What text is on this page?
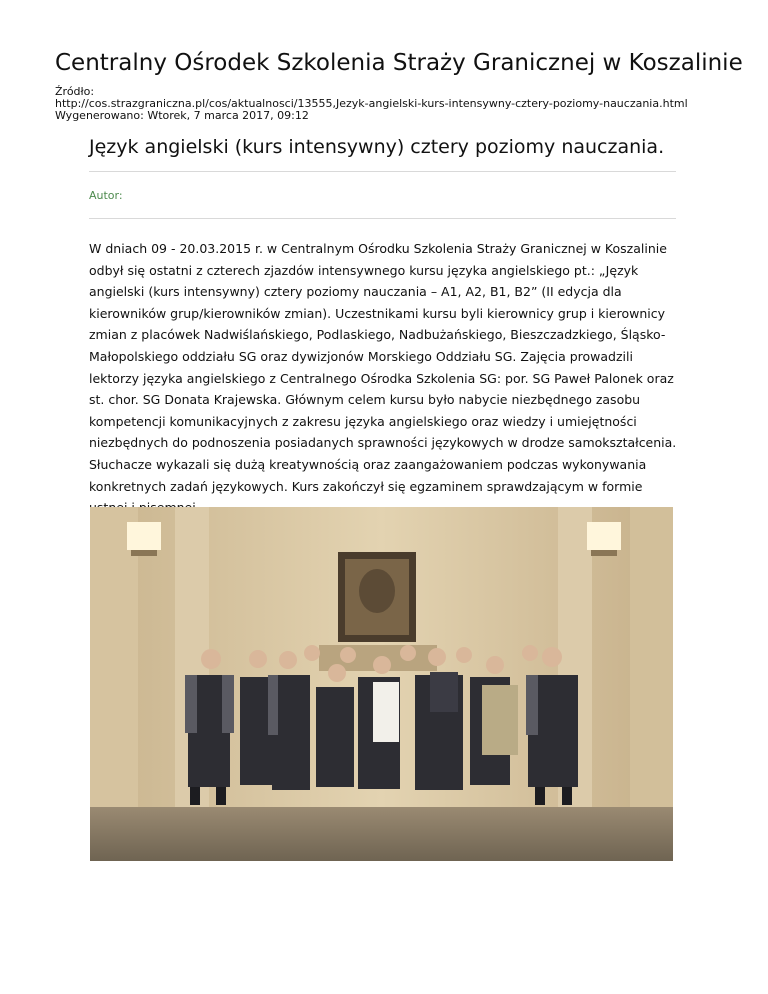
Centralny Ośrodek Szkolenia Straży Granicznej w Koszalinie
Źródło:
http://cos.strazgraniczna.pl/cos/aktualnosci/13555,Jezyk-angielski-kurs-intensywny-cztery-poziomy-nauczania.html
Wygenerowano: Wtorek, 7 marca 2017, 09:12
Język angielski (kurs intensywny) cztery poziomy nauczania.
Autor:

W dniach 09 - 20.03.2015 r. w Centralnym Ośrodku Szkolenia Straży Granicznej w Koszalinie odbył się ostatni z czterech zjazdów intensywnego kursu języka angielskiego pt.: „Język angielski (kurs intensywny) cztery poziomy nauczania – A1, A2, B1, B2” (II edycja dla kierowników grup/kierowników zmian). Uczestnikami kursu byli kierownicy grup i kierownicy zmian z placówek Nadwiślańskiego, Podlaskiego, Nadbużańskiego, Bieszczadzkiego, Śląsko-Małopolskiego oddziału SG oraz dywizjonów Morskiego Oddziału SG. Zajęcia prowadzili lektorzy języka angielskiego z Centralnego Ośrodka Szkolenia SG: por. SG Paweł Palonek oraz st. chor. SG Donata Krajewska. Głównym celem kursu było nabycie niezbędnego zasobu kompetencji komunikacyjnych z zakresu języka angielskiego oraz wiedzy i umiejętności niezbędnych do podnoszenia posiadanych sprawności językowych w drodze samokształcenia. Słuchacze wykazali się dużą kreatywnością oraz zaangażowaniem podczas wykonywania konkretnych zadań językowych. Kurs zakończył się egzaminem sprawdzającym w formie
